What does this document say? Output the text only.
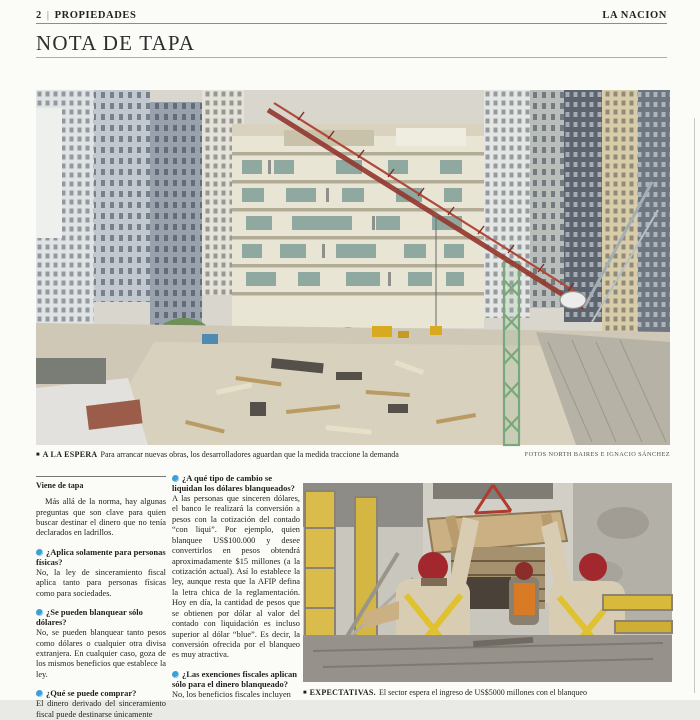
2 | PROPIEDADES	LA NACION
NOTA DE TAPA
■ A LA ESPERA Para arrancar nuevas obras, los desarrolladores aguardan que la medida traccione la demanda	FOTOS NORTH BAIRES E IGNACIO SÁNCHEZ

Viene de tapa

Más allá de la norma, hay algunas preguntas que son clave para quien buscar destinar el dinero que no tenía declarados en ladrillos.

¿Aplica solamente para personas físicas?

No, la ley de sinceramiento fiscal aplica tanto para personas físicas como para sociedades.

¿Se pueden blanquear sólo dólares?

No, se pueden blanquear tanto pesos como dólares o cualquier otra divisa extranjera. En cualquier caso, goza de los mismos beneficios que establece la ley.

¿Qué se puede comprar?

El dinero derivado del sinceramiento fiscal puede destinarse únicamente

¿A qué tipo de cambio se liquidan los dólares blanqueados?

A las personas que sinceren dólares, el banco le realizará la conversión a pesos con la cotización del contado “con liqui”. Por ejemplo, quien blanquee US$100.000 y desee convertirlos en pesos obtendrá aproximadamente $15 millones (a la cotización actual). Así lo establece la ley, aunque resta que la AFIP defina la letra chica de la reglamentación. Hoy en día, la cantidad de pesos que se obtienen por dólar al valor del contado con liquidación es incluso superior al dólar “blue”. Es decir, la conversión ofrecida por el blanqueo es muy atractiva.

¿Las exenciones fiscales aplican sólo para el dinero blanqueado?

No, los beneficios fiscales incluyen	■ EXPECTATIVAS. El sector espera el ingreso de US$5000 millones con el blanqueo
